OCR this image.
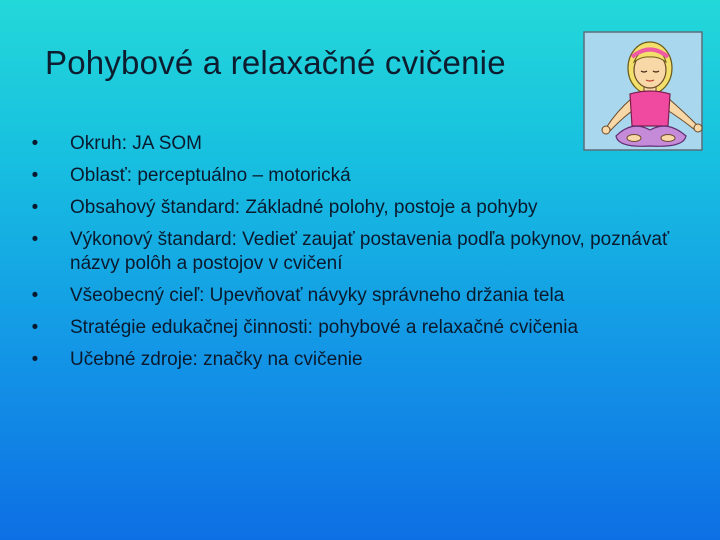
Pohybové a relaxačné cvičenie
• Okruh: JA SOM
• Oblasť: perceptuálno – motorická
• Obsahový štandard: Základné polohy, postoje a pohyby
• Výkonový štandard: Vedieť zaujať postavenia podľa pokynov, poznávať názvy polôh a postojov v cvičení
• Všeobecný cieľ: Upevňovať návyky správneho držania tela
• Stratégie edukačnej činnosti: pohybové a relaxačné cvičenia
• Učebné zdroje: značky na cvičenie
